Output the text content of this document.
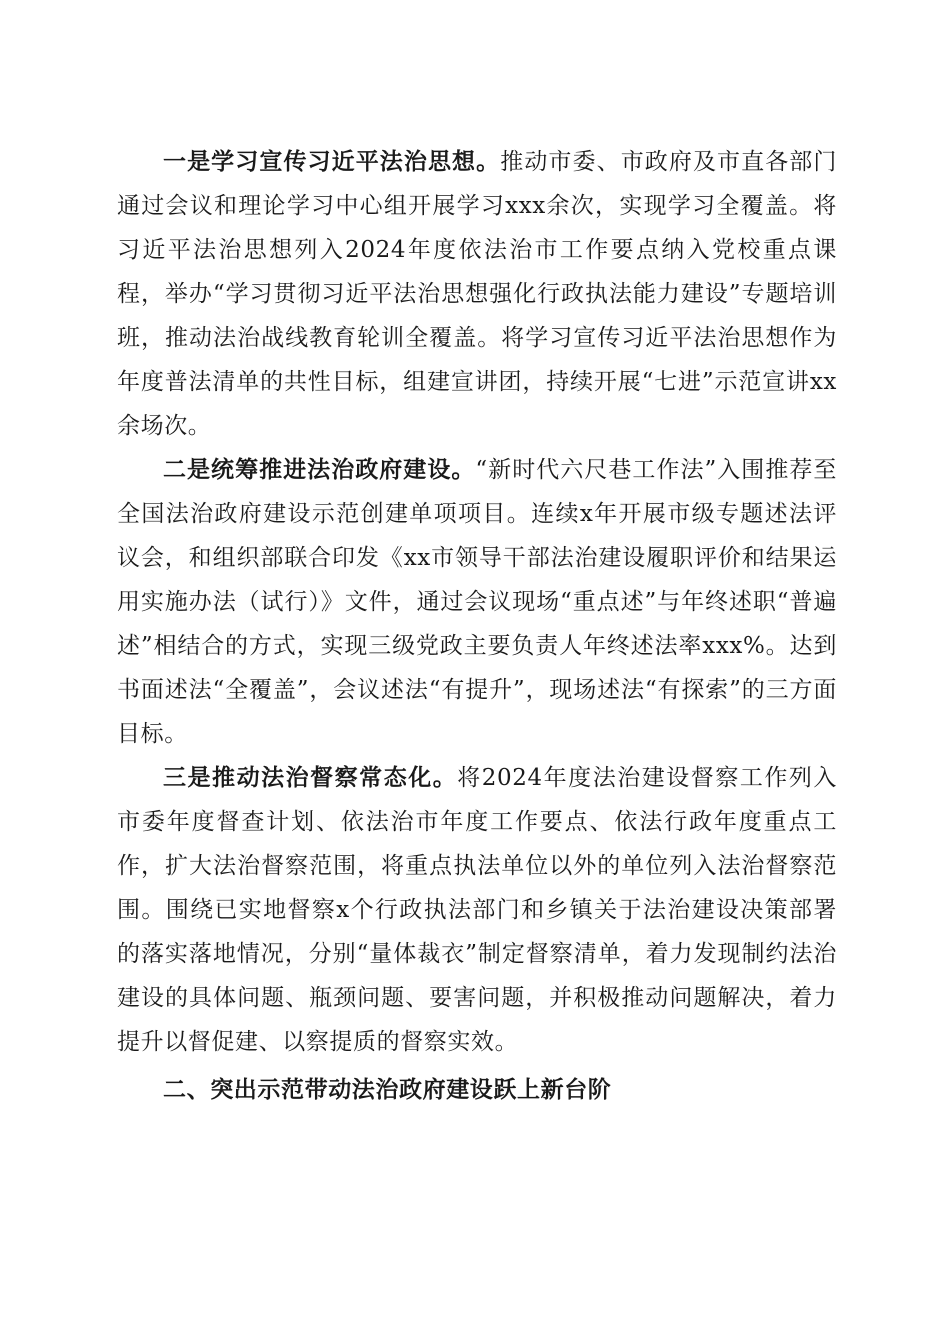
一是学习宣传习近平法治思想。推动市委、市政府及市直各部门通过会议和理论学习中心组开展学习xxx余次，实现学习全覆盖。将习近平法治思想列入2024年度依法治市工作要点纳入党校重点课程，举办“学习贯彻习近平法治思想强化行政执法能力建设”专题培训班，推动法治战线教育轮训全覆盖。将学习宣传习近平法治思想作为年度普法清单的共性目标，组建宣讲团，持续开展“七进”示范宣讲xx余场次。

二是统筹推进法治政府建设。“新时代六尺巷工作法”入围推荐至全国法治政府建设示范创建单项项目。连续x年开展市级专题述法评议会，和组织部联合印发《xx市领导干部法治建设履职评价和结果运用实施办法（试行）》文件，通过会议现场“重点述”与年终述职“普遍述”相结合的方式，实现三级党政主要负责人年终述法率xxx%。达到书面述法“全覆盖”，会议述法“有提升”，现场述法“有探索”的三方面目标。

三是推动法治督察常态化。将2024年度法治建设督察工作列入市委年度督查计划、依法治市年度工作要点、依法行政年度重点工作，扩大法治督察范围，将重点执法单位以外的单位列入法治督察范围。围绕已实地督察x个行政执法部门和乡镇关于法治建设决策部署的落实落地情况，分别“量体裁衣”制定督察清单，着力发现制约法治建设的具体问题、瓶颈问题、要害问题，并积极推动问题解决，着力提升以督促建、以察提质的督察实效。

二、突出示范带动法治政府建设跃上新台阶
